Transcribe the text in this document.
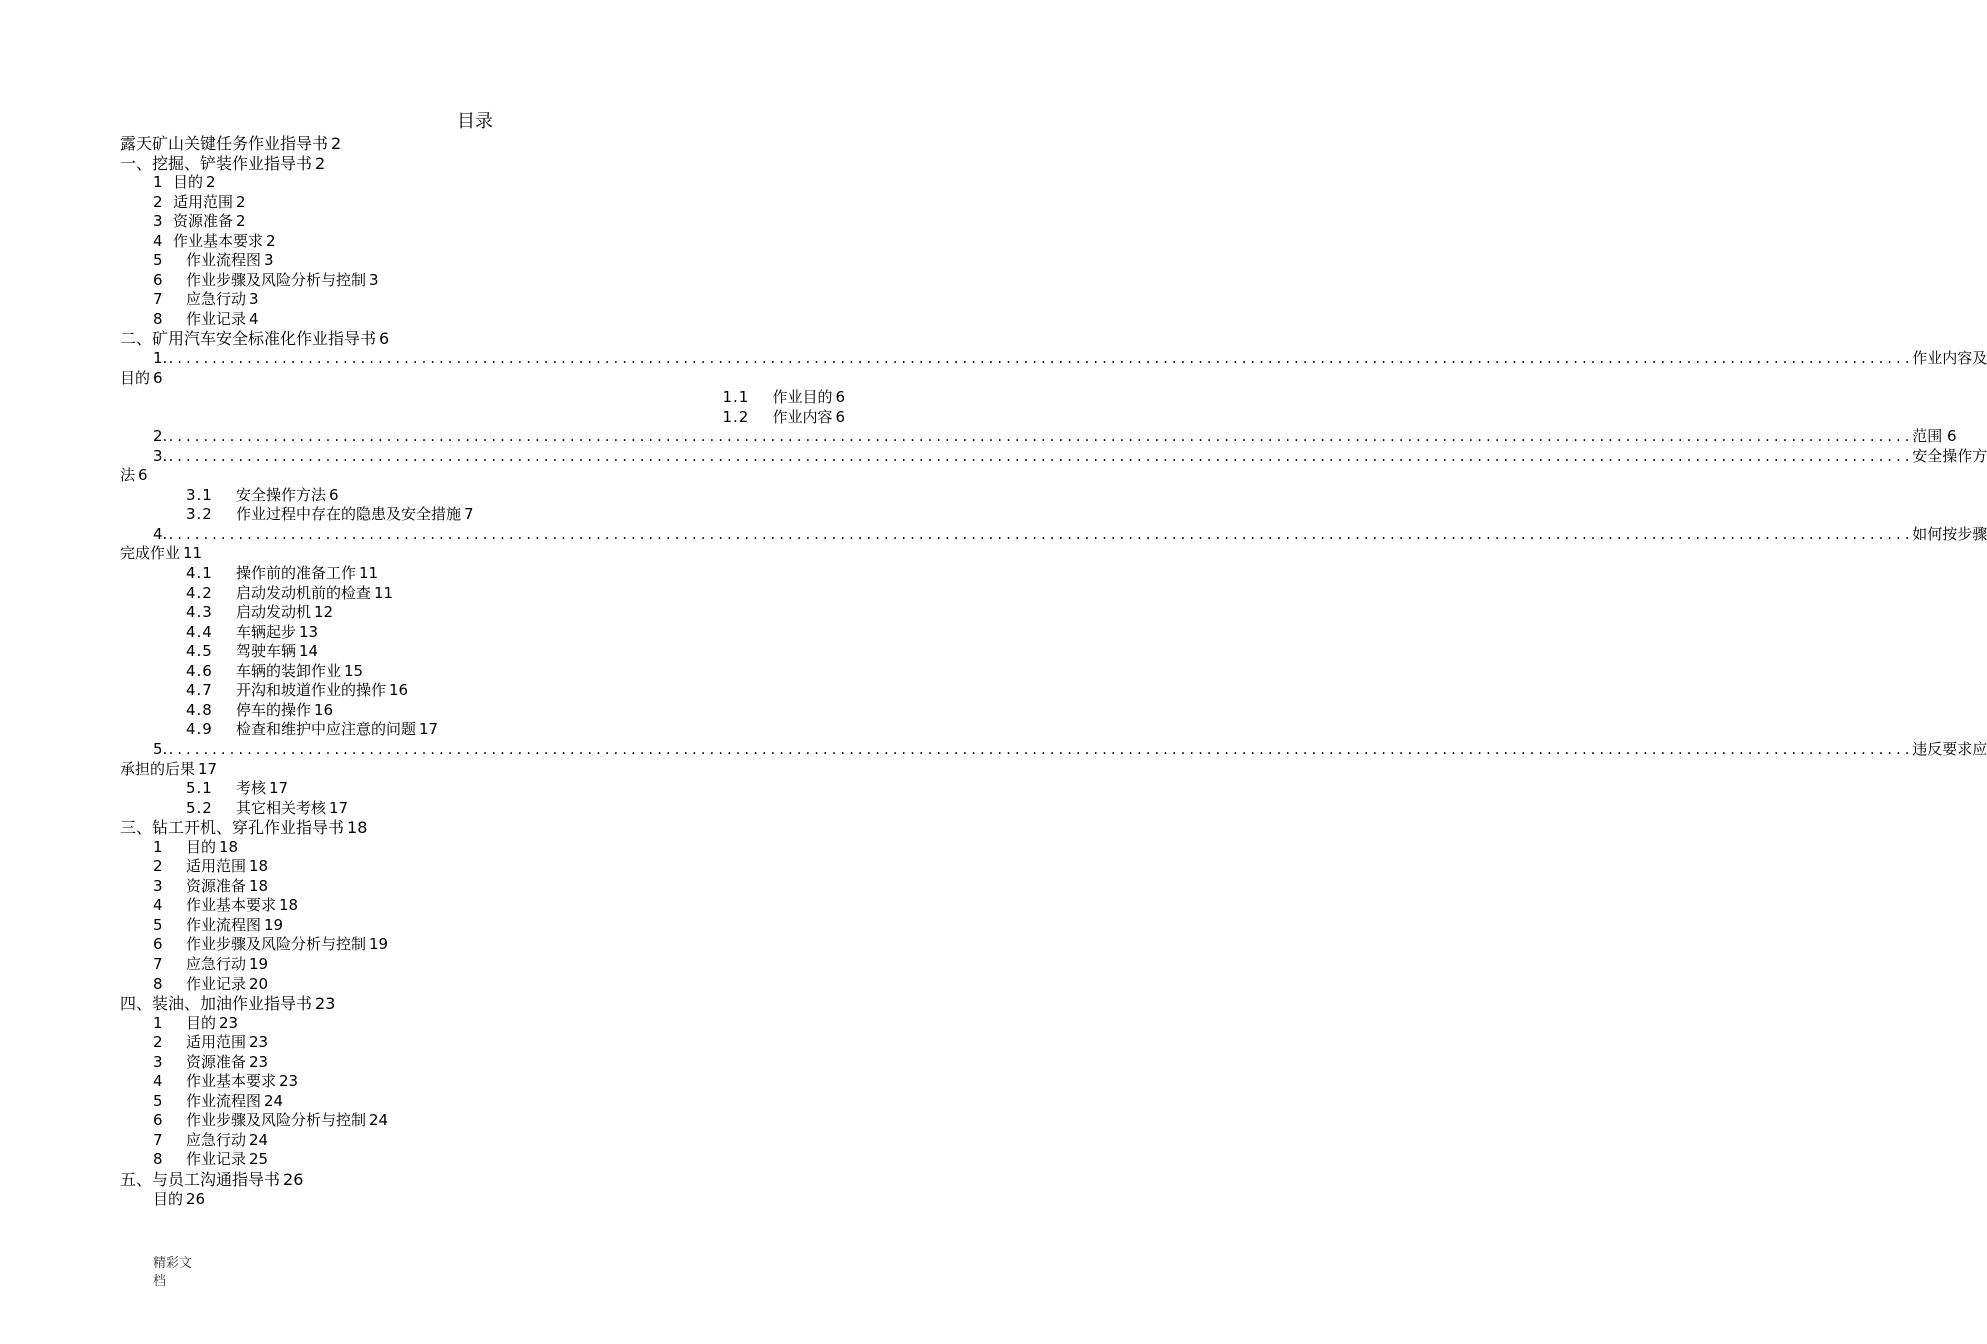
目录
露天矿山关键任务作业指导书 2
一、挖掘、铲装作业指导书 2
1 目的 2
2 适用范围 2
3 资源准备 2
4 作业基本要求 2
5 作业流程图 3
6 作业步骤及风险分析与控制 3
7 应急行动 3
8 作业记录 4
二、矿用汽车安全标准化作业指导书 6
1. ........................................................................................................................................................................................................ 作业内容及
目的 6
1.1 作业目的 6
1.2 作业内容 6
2. ........................................................................................................................................................................................................ 范围 6
3. ........................................................................................................................................................................................................ 安全操作方
法 6
3.1 安全操作方法 6
3.2 作业过程中存在的隐患及安全措施 7
4. ........................................................................................................................................................................................................ 如何按步骤
完成作业 11
4.1 操作前的准备工作 11
4.2 启动发动机前的检查 11
4.3 启动发动机 12
4.4 车辆起步 13
4.5 驾驶车辆 14
4.6 车辆的装卸作业 15
4.7 开沟和坡道作业的操作 16
4.8 停车的操作 16
4.9 检查和维护中应注意的问题 17
5. ........................................................................................................................................................................................................ 违反要求应
承担的后果 17
5.1 考核 17
5.2 其它相关考核 17
三、钻工开机、穿孔作业指导书 18
1 目的 18
2 适用范围 18
3 资源准备 18
4 作业基本要求 18
5 作业流程图 19
6 作业步骤及风险分析与控制 19
7 应急行动 19
8 作业记录 20
四、装油、加油作业指导书 23
1 目的 23
2 适用范围 23
3 资源准备 23
4 作业基本要求 23
5 作业流程图 24
6 作业步骤及风险分析与控制 24
7 应急行动 24
8 作业记录 25
五、与员工沟通指导书 26
目的 26
精彩文
档
